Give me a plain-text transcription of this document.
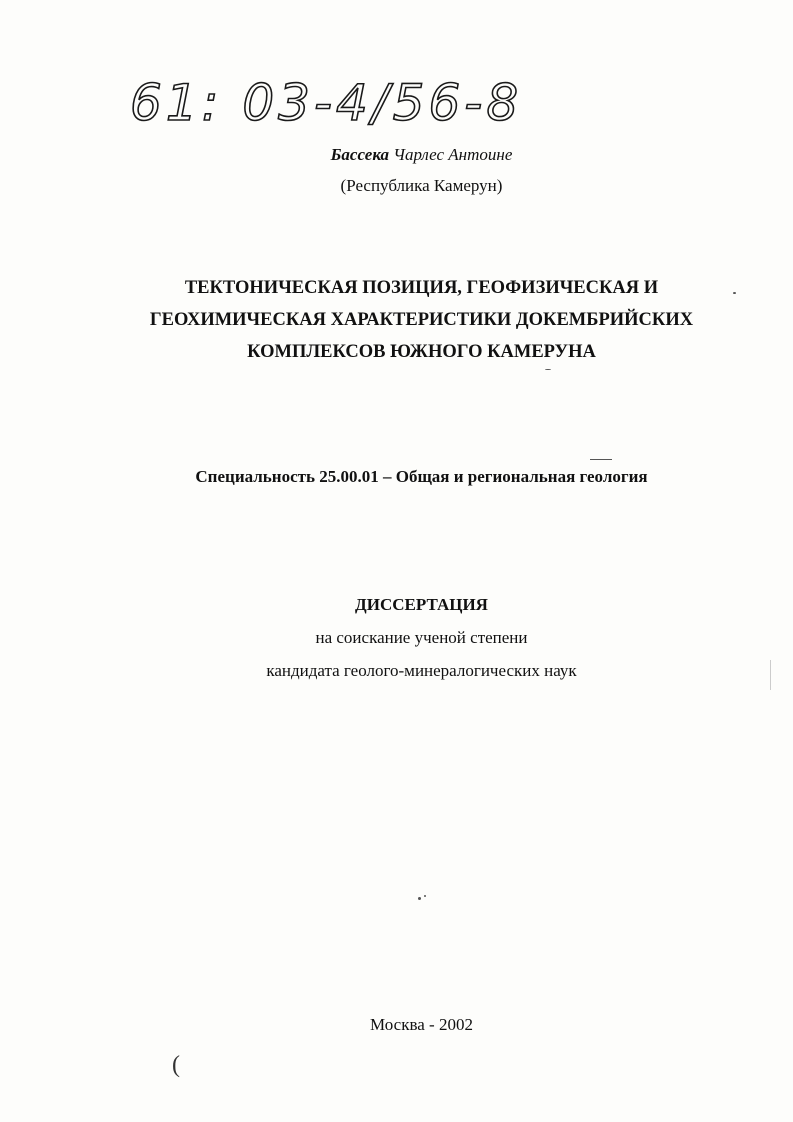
61: 03-4/56-8
Бассека Чарлес Антоине
(Республика Камерун)
ТЕКТОНИЧЕСКАЯ ПОЗИЦИЯ, ГЕОФИЗИЧЕСКАЯ И
ГЕОХИМИЧЕСКАЯ ХАРАКТЕРИСТИКИ ДОКЕМБРИЙСКИХ
КОМПЛЕКСОВ ЮЖНОГО КАМЕРУНА
Специальность 25.00.01 – Общая и региональная геология
ДИССЕРТАЦИЯ
на соискание ученой степени
кандидата геолого-минералогических наук
Москва - 2002
(
